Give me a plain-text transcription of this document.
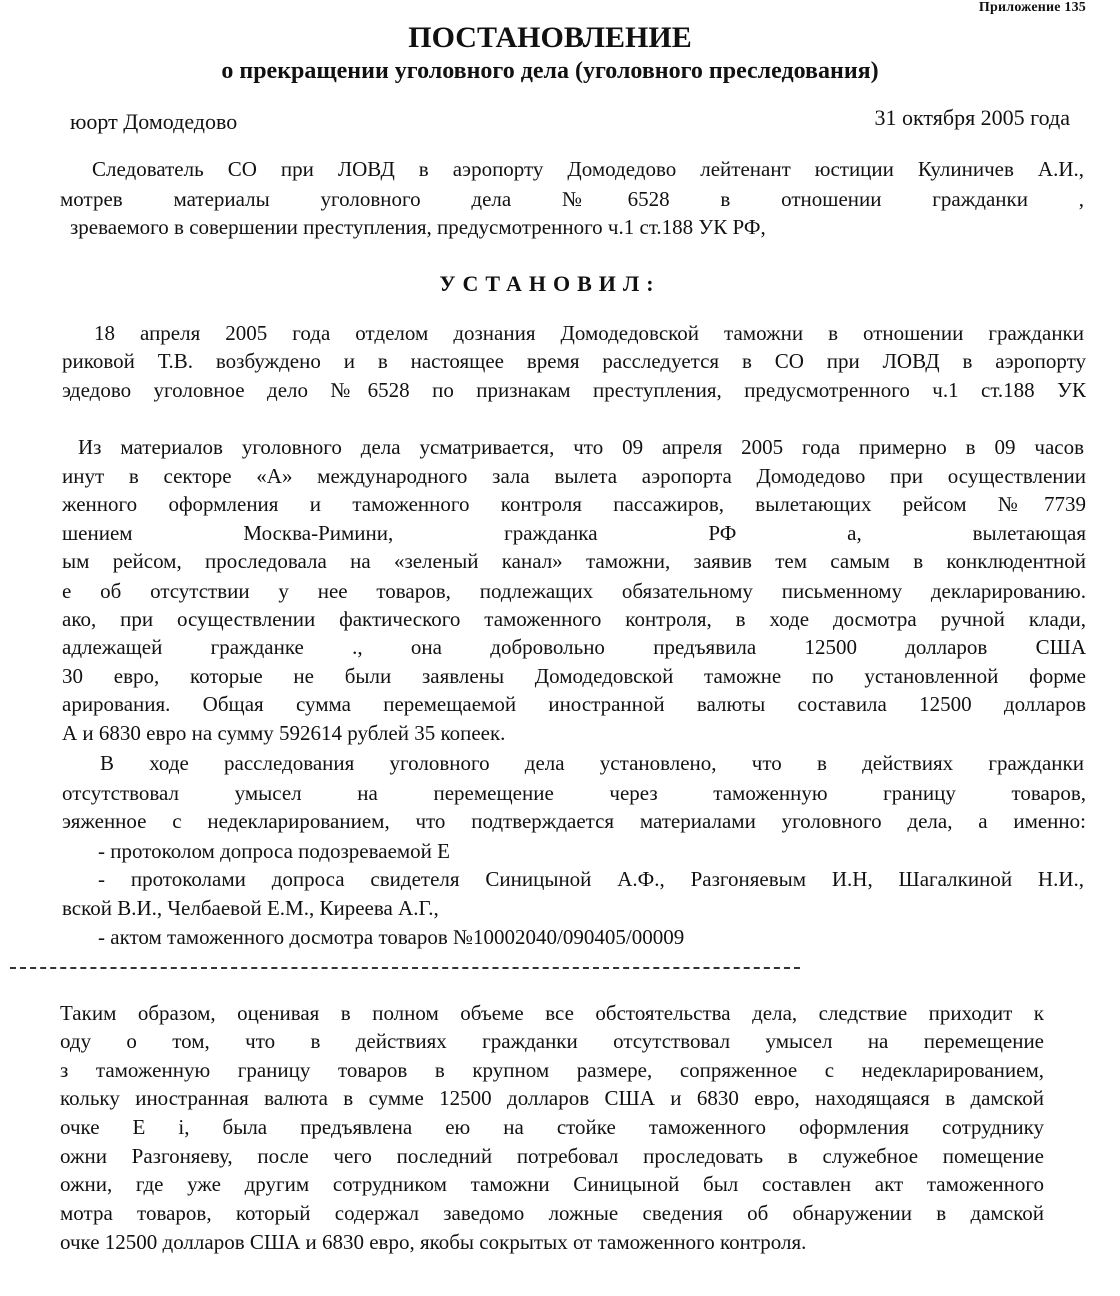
Приложение 135
ПОСТАНОВЛЕНИЕ
о прекращении уголовного дела (уголовного преследования)
юорт Домодедово	31 октября 2005 года
Следователь СО при ЛОВД в аэропорту Домодедово лейтенант юстиции Кулиничев А.И.,
мотрев материалы уголовного дела №6528 в отношении гражданки ,
зреваемого в совершении преступления, предусмотренного ч.1 ст.188 УК РФ,
УСТАНОВИЛ:
18 апреля 2005 года отделом дознания Домодедовской таможни в отношении гражданки
риковой Т.В. возбуждено и в настоящее время расследуется в СО при ЛОВД в аэропорту
эдедово уголовное дело №6528 по признакам преступления, предусмотренного ч.1 ст.188 УК
Из материалов уголовного дела усматривается, что 09 апреля 2005 года примерно в 09 часов
инут в секторе «А» международного зала вылета аэропорта Домодедово при осуществлении
женного оформления и таможенного контроля пассажиров, вылетающих рейсом №7739
шением Москва-Римини, гражданка РФ а, вылетающая
ым рейсом, проследовала на «зеленый канал» таможни, заявив тем самым в конклюдентной
е об отсутствии у нее товаров, подлежащих обязательному письменному декларированию.
ако, при осуществлении фактического таможенного контроля, в ходе досмотра ручной клади,
адлежащей гражданке ., она добровольно предъявила 12500 долларов США
30 евро, которые не были заявлены Домодедовской таможне по установленной форме
арирования. Общая сумма перемещаемой иностранной валюты составила 12500 долларов
А и 6830 евро на сумму 592614 рублей 35 копеек.
В ходе расследования уголовного дела установлено, что в действиях гражданки
отсутствовал умысел на перемещение через таможенную границу товаров,
эяженное с недекларированием, что подтверждается материалами уголовного дела, а именно:
- протоколом допроса подозреваемой Е
- протоколами допроса свидетеля Синицыной А.Ф., Разгоняевым И.Н, Шагалкиной Н.И.,
вской В.И., Челбаевой Е.М., Киреева А.Г.,
- актом таможенного досмотра товаров №10002040/090405/00009
Таким образом, оценивая в полном объеме все обстоятельства дела, следствие приходит к
оду о том, что в действиях гражданки отсутствовал умысел на перемещение
з таможенную границу товаров в крупном размере, сопряженное с недекларированием,
кольку иностранная валюта в сумме 12500 долларов США и 6830 евро, находящаяся в дамской
очке Е i, была предъявлена ею на стойке таможенного оформления сотруднику
ожни Разгоняеву, после чего последний потребовал проследовать в служебное помещение
ожни, где уже другим сотрудником таможни Синицыной был составлен акт таможенного
мотра товаров, который содержал заведомо ложные сведения об обнаружении в дамской
очке 12500 долларов США и 6830 евро, якобы сокрытых от таможенного контроля.
